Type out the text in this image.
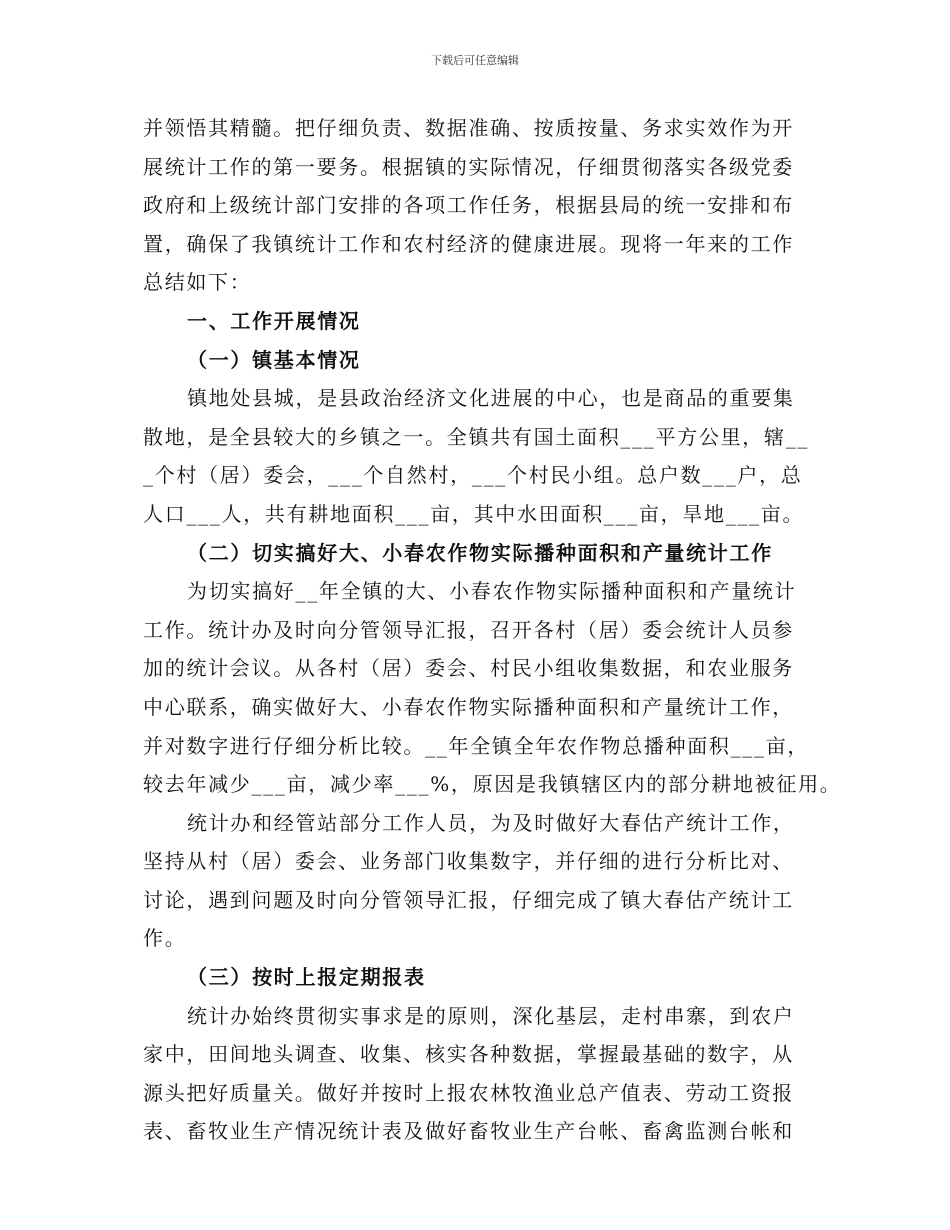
下载后可任意编辑
并领悟其精髓。把仔细负责、数据准确、按质按量、务求实效作为开
展统计工作的第一要务。根据镇的实际情况，仔细贯彻落实各级党委
政府和上级统计部门安排的各项工作任务，根据县局的统一安排和布
置，确保了我镇统计工作和农村经济的健康进展。现将一年来的工作
总结如下：
一、工作开展情况
（一）镇基本情况
镇地处县城，是县政治经济文化进展的中心，也是商品的重要集
散地，是全县较大的乡镇之一。全镇共有国土面积___平方公里，辖__
_个村（居）委会，___个自然村，___个村民小组。总户数___户，总
人口___人，共有耕地面积___亩，其中水田面积___亩，旱地___亩。
（二）切实搞好大、小春农作物实际播种面积和产量统计工作
为切实搞好__年全镇的大、小春农作物实际播种面积和产量统计
工作。统计办及时向分管领导汇报，召开各村（居）委会统计人员参
加的统计会议。从各村（居）委会、村民小组收集数据，和农业服务
中心联系，确实做好大、小春农作物实际播种面积和产量统计工作，
并对数字进行仔细分析比较。__年全镇全年农作物总播种面积___亩，
较去年减少___亩，减少率___%，原因是我镇辖区内的部分耕地被征用。
统计办和经管站部分工作人员，为及时做好大春估产统计工作，
坚持从村（居）委会、业务部门收集数字，并仔细的进行分析比对、
讨论，遇到问题及时向分管领导汇报，仔细完成了镇大春估产统计工
作。
（三）按时上报定期报表
统计办始终贯彻实事求是的原则，深化基层，走村串寨，到农户
家中，田间地头调查、收集、核实各种数据，掌握最基础的数字，从
源头把好质量关。做好并按时上报农林牧渔业总产值表、劳动工资报
表、畜牧业生产情况统计表及做好畜牧业生产台帐、畜禽监测台帐和
